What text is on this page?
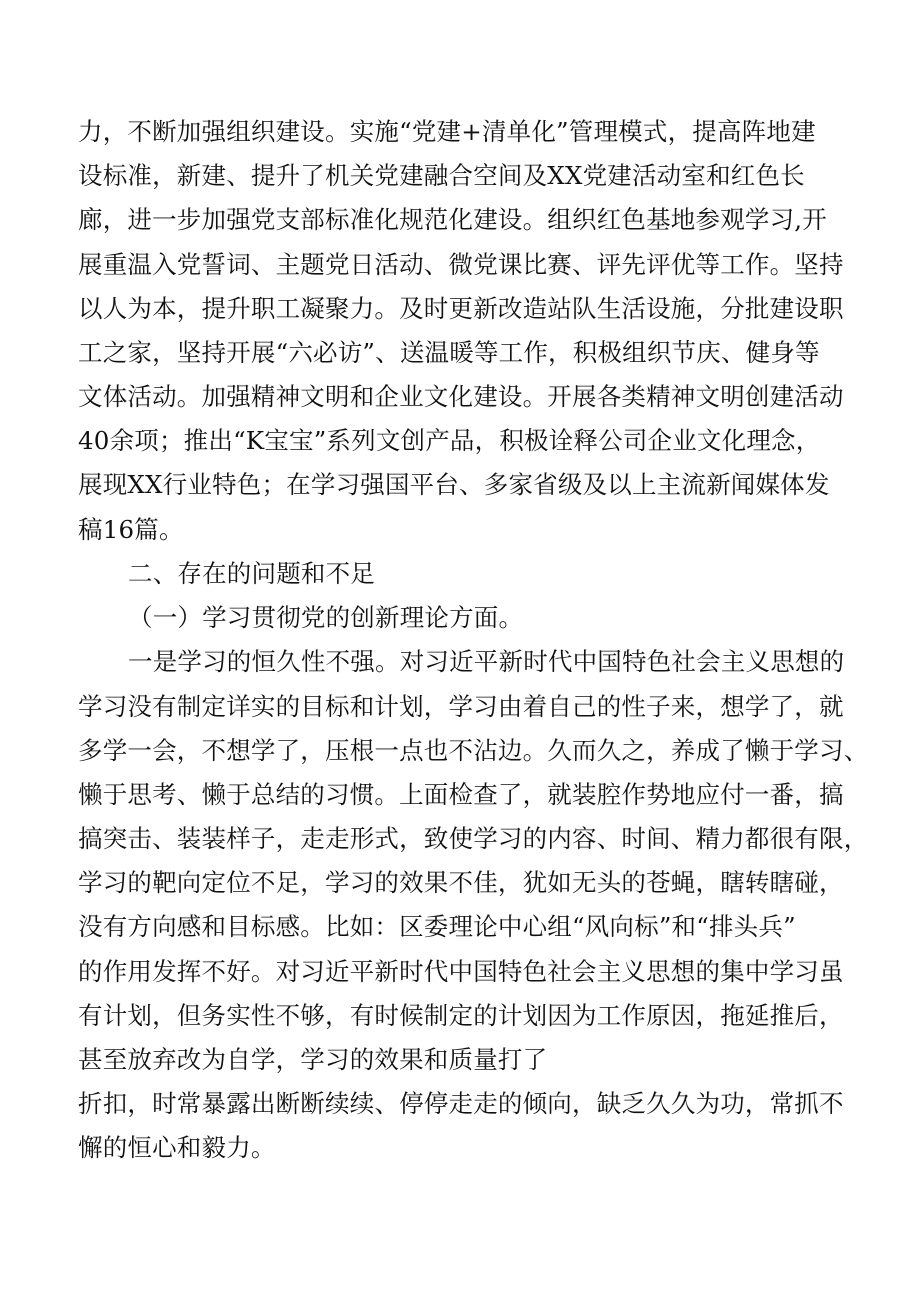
力，不断加强组织建设。实施“党建+清单化”管理模式，提高阵地建
设标准，新建、提升了机关党建融合空间及XX党建活动室和红色长
廊，进一步加强党支部标准化规范化建设。组织红色基地参观学习,开
展重温入党誓词、主题党日活动、微党课比赛、评先评优等工作。坚持
以人为本，提升职工凝聚力。及时更新改造站队生活设施，分批建设职
工之家，坚持开展“六必访”、送温暖等工作，积极组织节庆、健身等
文体活动。加强精神文明和企业文化建设。开展各类精神文明创建活动
40余项；推出“K宝宝”系列文创产品，积极诠释公司企业文化理念，
展现XX行业特色；在学习强国平台、多家省级及以上主流新闻媒体发
稿16篇。
二、存在的问题和不足
（一）学习贯彻党的创新理论方面。
一是学习的恒久性不强。对习近平新时代中国特色社会主义思想的
学习没有制定详实的目标和计划，学习由着自己的性子来，想学了，就
多学一会，不想学了，压根一点也不沾边。久而久之，养成了懒于学习、
懒于思考、懒于总结的习惯。上面检查了，就装腔作势地应付一番，搞
搞突击、装装样子，走走形式，致使学习的内容、时间、精力都很有限，
学习的靶向定位不足，学习的效果不佳，犹如无头的苍蝇，瞎转瞎碰，
没有方向感和目标感。比如：区委理论中心组“风向标”和“排头兵”
的作用发挥不好。对习近平新时代中国特色社会主义思想的集中学习虽
有计划，但务实性不够，有时候制定的计划因为工作原因，拖延推后，
甚至放弃改为自学，学习的效果和质量打了
折扣，时常暴露出断断续续、停停走走的倾向，缺乏久久为功，常抓不
懈的恒心和毅力。
